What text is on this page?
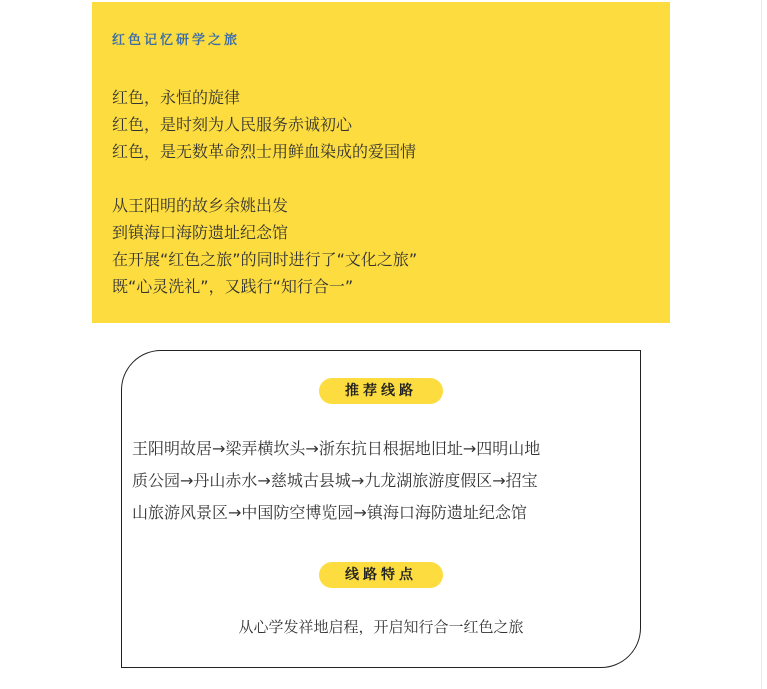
红色记忆研学之旅
红色，永恒的旋律
红色，是时刻为人民服务赤诚初心
红色，是无数革命烈士用鲜血染成的爱国情
从王阳明的故乡余姚出发
到镇海口海防遗址纪念馆
在开展“红色之旅”的同时进行了“文化之旅”
既“心灵洗礼”，又践行“知行合一”
推荐线路
王阳明故居→梁弄横坎头→浙东抗日根据地旧址→四明山地
质公园→丹山赤水→慈城古县城→九龙湖旅游度假区→招宝
山旅游风景区→中国防空博览园→镇海口海防遗址纪念馆
线路特点
从心学发祥地启程，开启知行合一红色之旅
